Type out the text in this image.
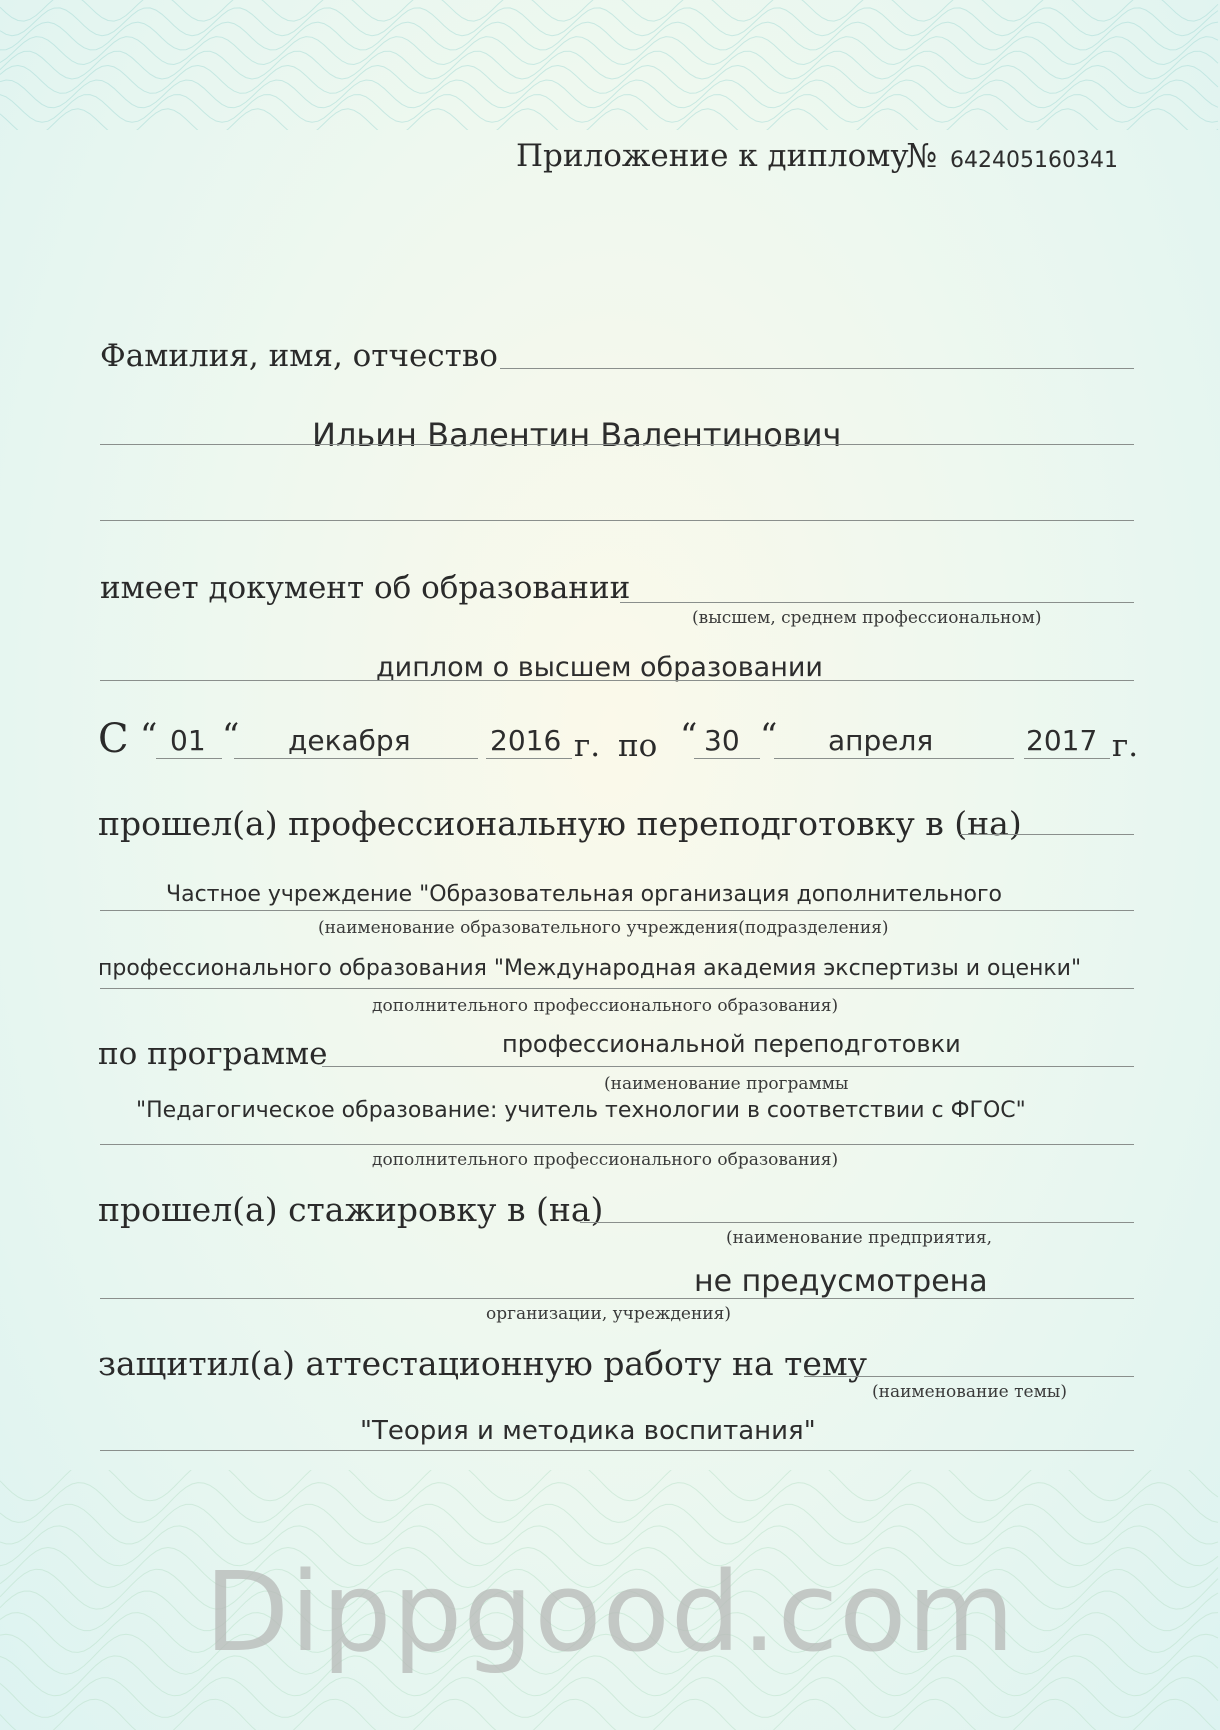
Приложение к диплому
№ 642405160341
Фамилия, имя, отчество
Ильин Валентин Валентинович
имеет документ об образовании
(высшем, среднем профессиональном)
диплом о высшем образовании
С “ 01 “ декабря	2016 г. по “ 30 “ апреля	2017 г.
прошел(а) профессиональную переподготовку в (на)
Частное учреждение "Образовательная организация дополнительного
(наименование образовательного учреждения(подразделения)
профессионального образования "Международная академия экспертизы и оценки"
дополнительного профессионального образования)
по программе	профессиональной переподготовки
(наименование программы
"Педагогическое образование: учитель технологии в соответствии с ФГОС"
дополнительного профессионального образования)
прошел(а) стажировку в (на)
(наименование предприятия,
не предусмотрена
организации, учреждения)
защитил(а) аттестационную работу на тему
(наименование темы)
"Теория и методика воспитания"
Dippgood.com
